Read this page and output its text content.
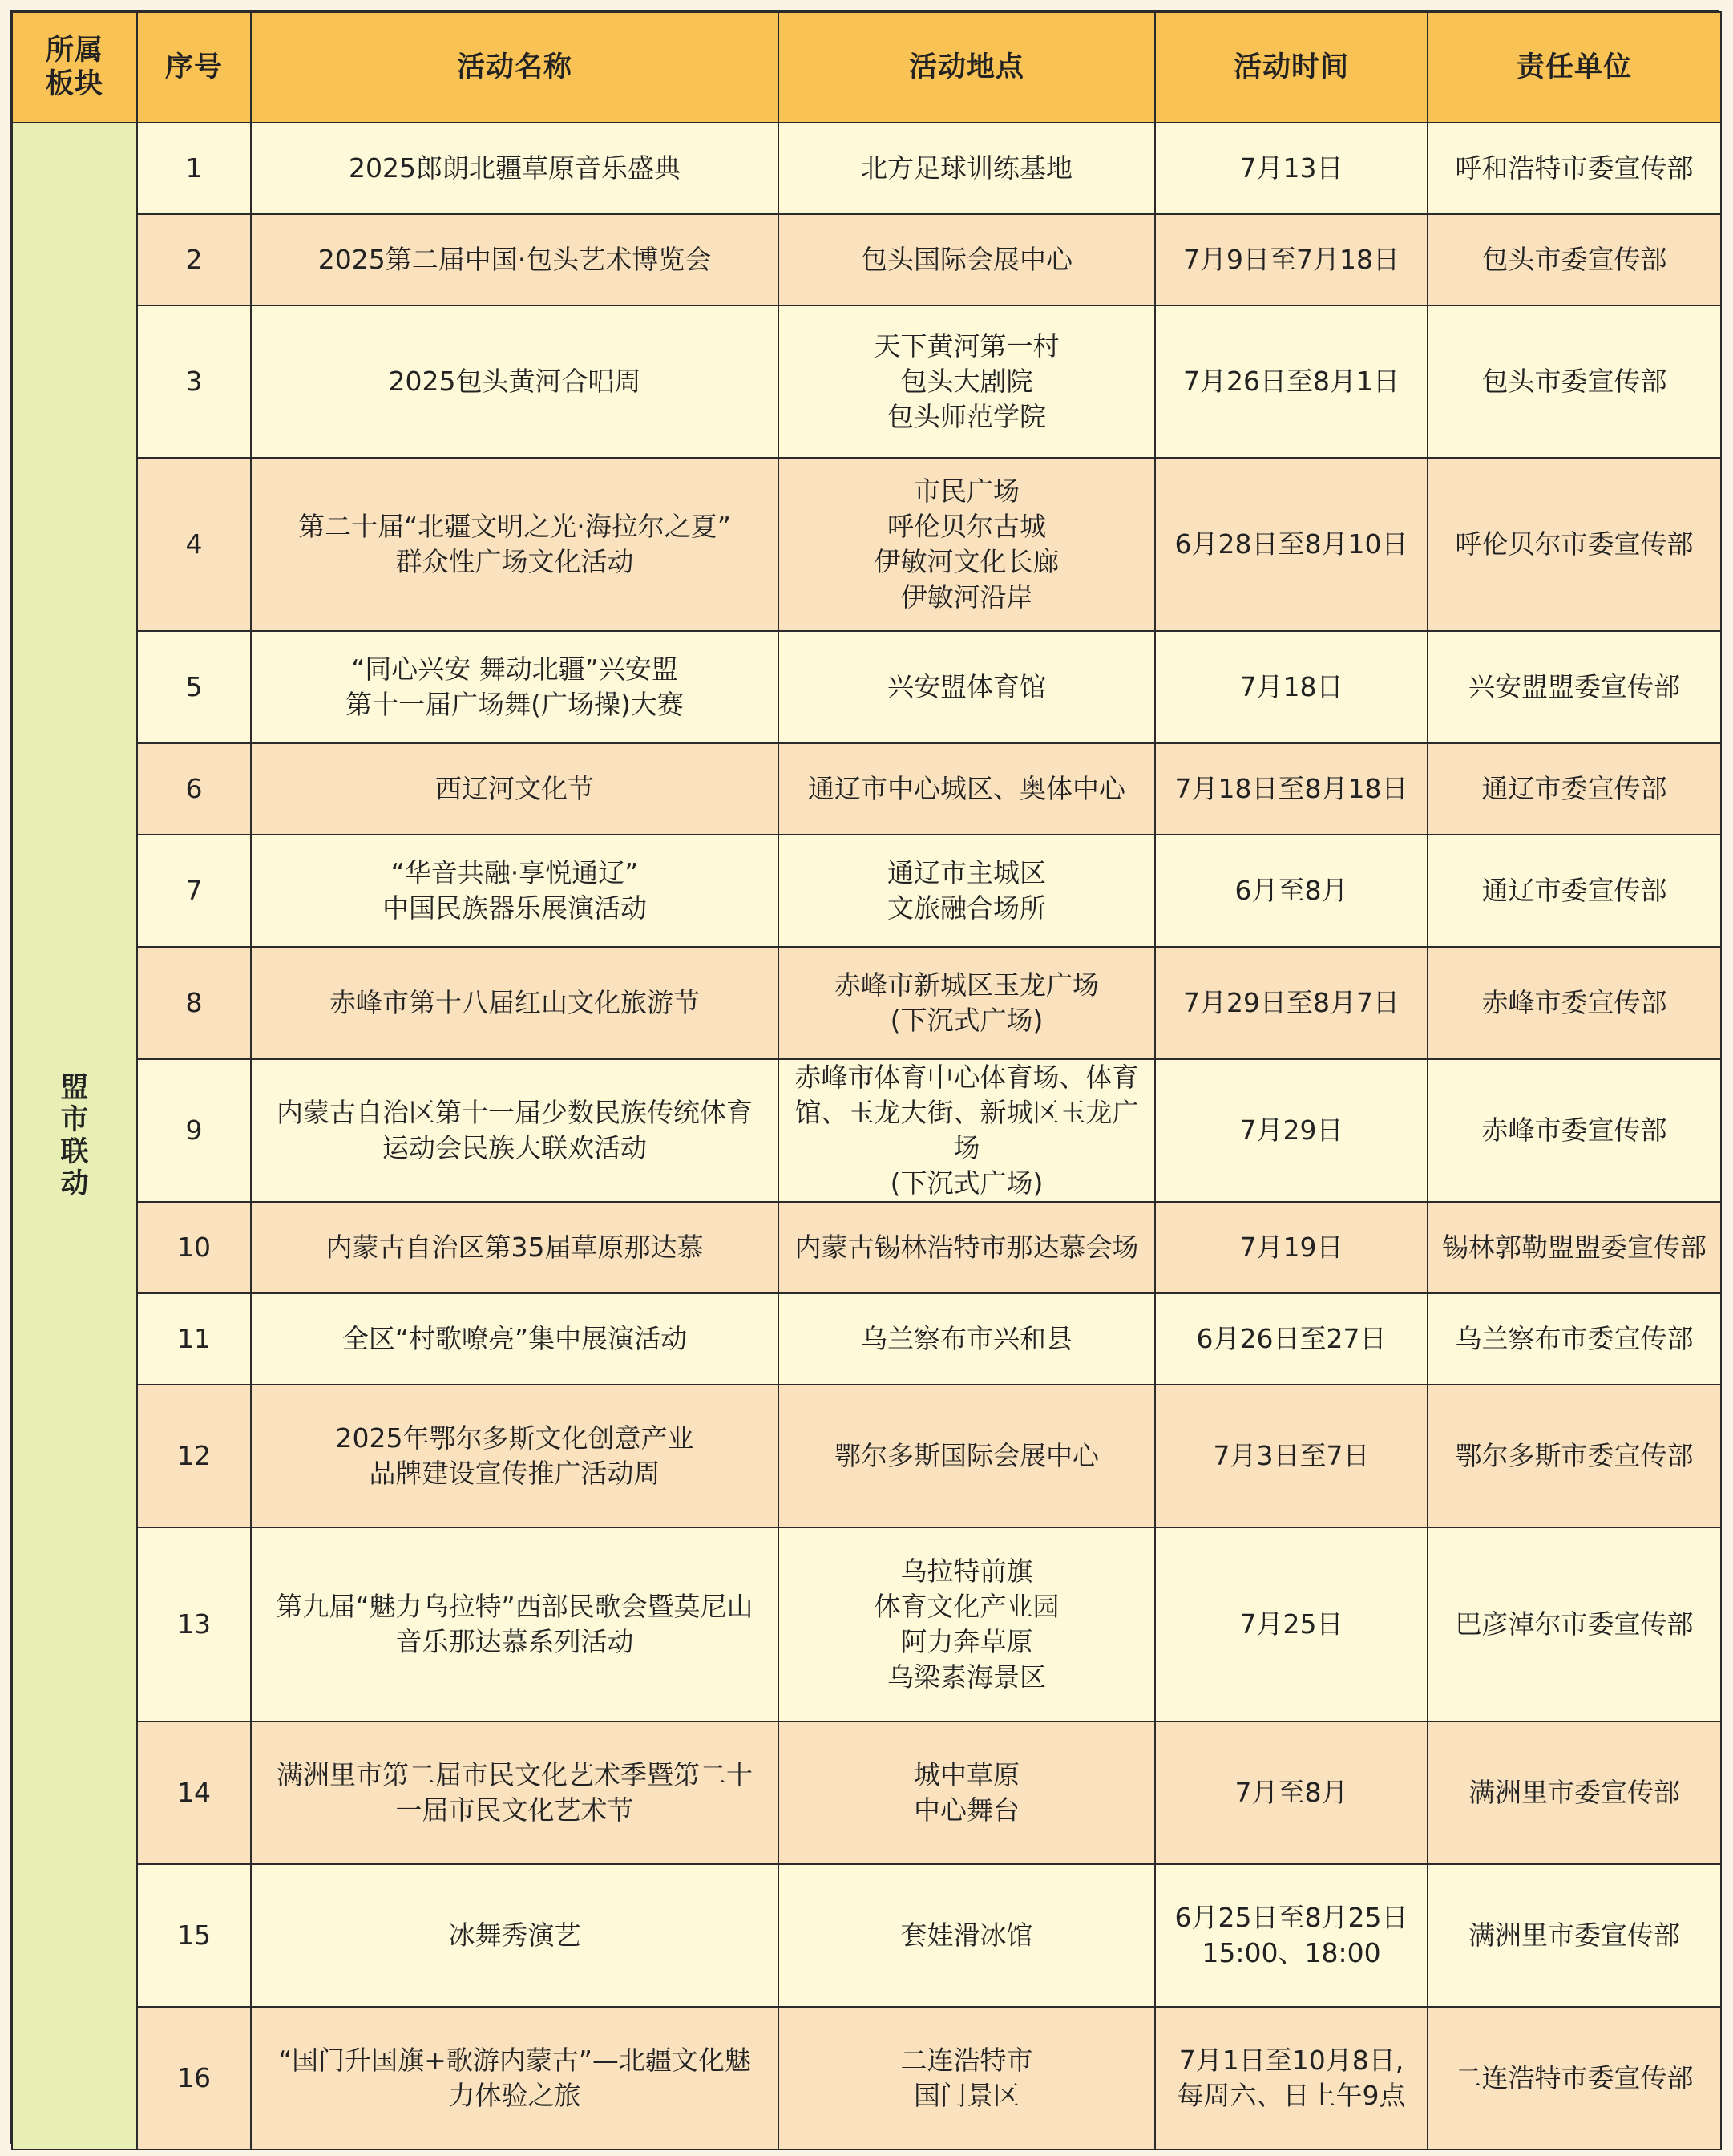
所属板块	序号	活动名称	活动地点	活动时间	责任单位
盟市联动	1	2025郎朗北疆草原音乐盛典	北方足球训练基地	7月13日	呼和浩特市委宣传部
	2	2025第二届中国·包头艺术博览会	包头国际会展中心	7月9日至7月18日	包头市委宣传部
	3	2025包头黄河合唱周	天下黄河第一村
包头大剧院
包头师范学院	7月26日至8月1日	包头市委宣传部
	4	第二十届“北疆文明之光·海拉尔之夏”
群众性广场文化活动	市民广场
呼伦贝尔古城
伊敏河文化长廊
伊敏河沿岸	6月28日至8月10日	呼伦贝尔市委宣传部
	5	“同心兴安 舞动北疆”兴安盟
第十一届广场舞(广场操)大赛	兴安盟体育馆	7月18日	兴安盟盟委宣传部
	6	西辽河文化节	通辽市中心城区、奥体中心	7月18日至8月18日	通辽市委宣传部
	7	“华音共融·享悦通辽”
中国民族器乐展演活动	通辽市主城区
文旅融合场所	6月至8月	通辽市委宣传部
	8	赤峰市第十八届红山文化旅游节	赤峰市新城区玉龙广场
(下沉式广场)	7月29日至8月7日	赤峰市委宣传部
	9	内蒙古自治区第十一届少数民族传统体育
运动会民族大联欢活动	赤峰市体育中心体育场、体育
馆、玉龙大街、新城区玉龙广场
(下沉式广场)	7月29日	赤峰市委宣传部
	10	内蒙古自治区第35届草原那达慕	内蒙古锡林浩特市那达慕会场	7月19日	锡林郭勒盟盟委宣传部
	11	全区“村歌嘹亮”集中展演活动	乌兰察布市兴和县	6月26日至27日	乌兰察布市委宣传部
	12	2025年鄂尔多斯文化创意产业
品牌建设宣传推广活动周	鄂尔多斯国际会展中心	7月3日至7日	鄂尔多斯市委宣传部
	13	第九届“魅力乌拉特”西部民歌会暨莫尼山
音乐那达慕系列活动	乌拉特前旗
体育文化产业园
阿力奔草原
乌梁素海景区	7月25日	巴彦淖尔市委宣传部
	14	满洲里市第二届市民文化艺术季暨第二十
一届市民文化艺术节	城中草原
中心舞台	7月至8月	满洲里市委宣传部
	15	冰舞秀演艺	套娃滑冰馆	6月25日至8月25日
15:00、18:00	满洲里市委宣传部
	16	“国门升国旗+歌游内蒙古”—北疆文化魅
力体验之旅	二连浩特市
国门景区	7月1日至10月8日,
每周六、日上午9点	二连浩特市委宣传部
